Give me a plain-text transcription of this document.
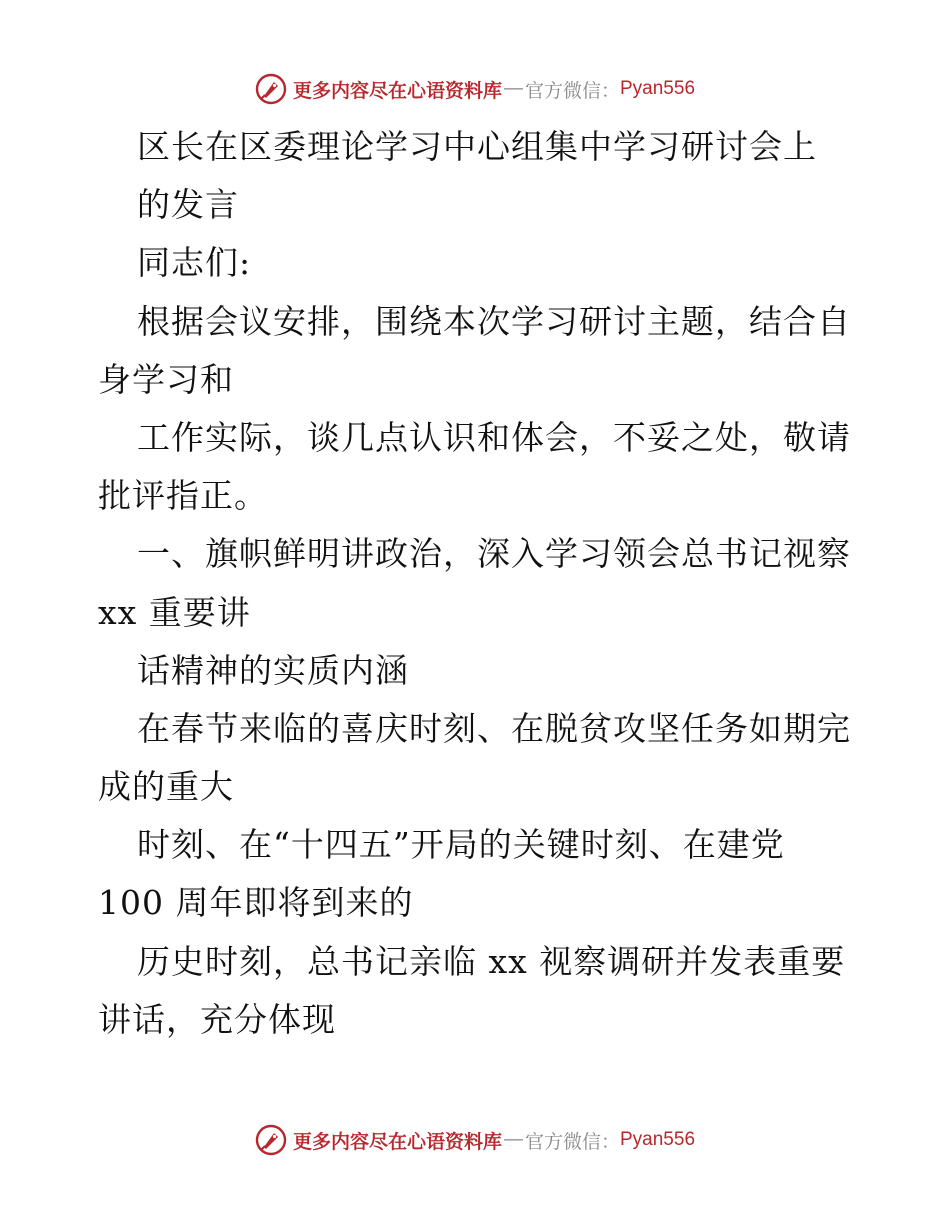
更多内容尽在心语资料库 — 官方微信： Pyan556
区长在区委理论学习中心组集中学习研讨会上
的发言
同志们:
根据会议安排，围绕本次学习研讨主题，结合自
身学习和
工作实际，谈几点认识和体会，不妥之处，敬请
批评指正。
一、旗帜鲜明讲政治，深入学习领会总书记视察
xx 重要讲
话精神的实质内涵
在春节来临的喜庆时刻、在脱贫攻坚任务如期完
成的重大
时刻、在“十四五”开局的关键时刻、在建党
100 周年即将到来的
历史时刻，总书记亲临 xx 视察调研并发表重要
讲话，充分体现
更多内容尽在心语资料库 — 官方微信： Pyan556
